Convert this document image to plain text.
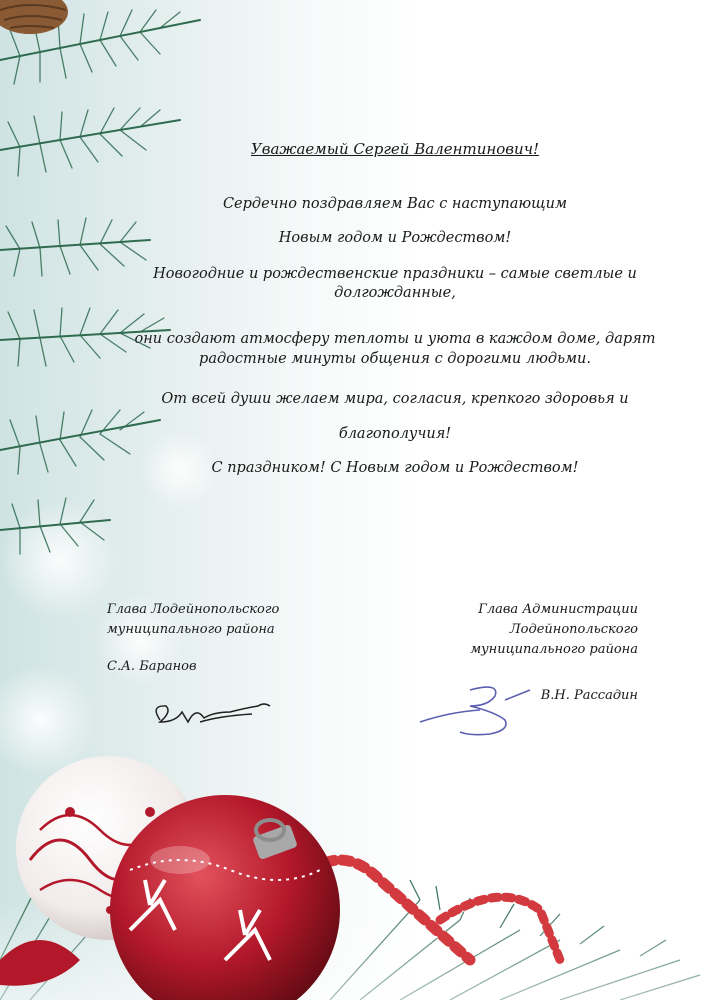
Уважаемый Сергей Валентинович!
Сердечно поздравляем Вас с наступающим
Новым годом и Рождеством!
Новогодние и рождественские праздники – самые светлые и долгожданные,
они создают атмосферу теплоты и уюта в каждом доме, дарят радостные минуты общения с дорогими людьми.
От всей души желаем мира, согласия, крепкого здоровья и
благополучия!
С праздником! С Новым годом и Рождеством!
Глава Лодейнопольского
муниципального района
С.А. Баранов
Глава Администрации
Лодейнопольского
муниципального района
В.Н. Рассадин
